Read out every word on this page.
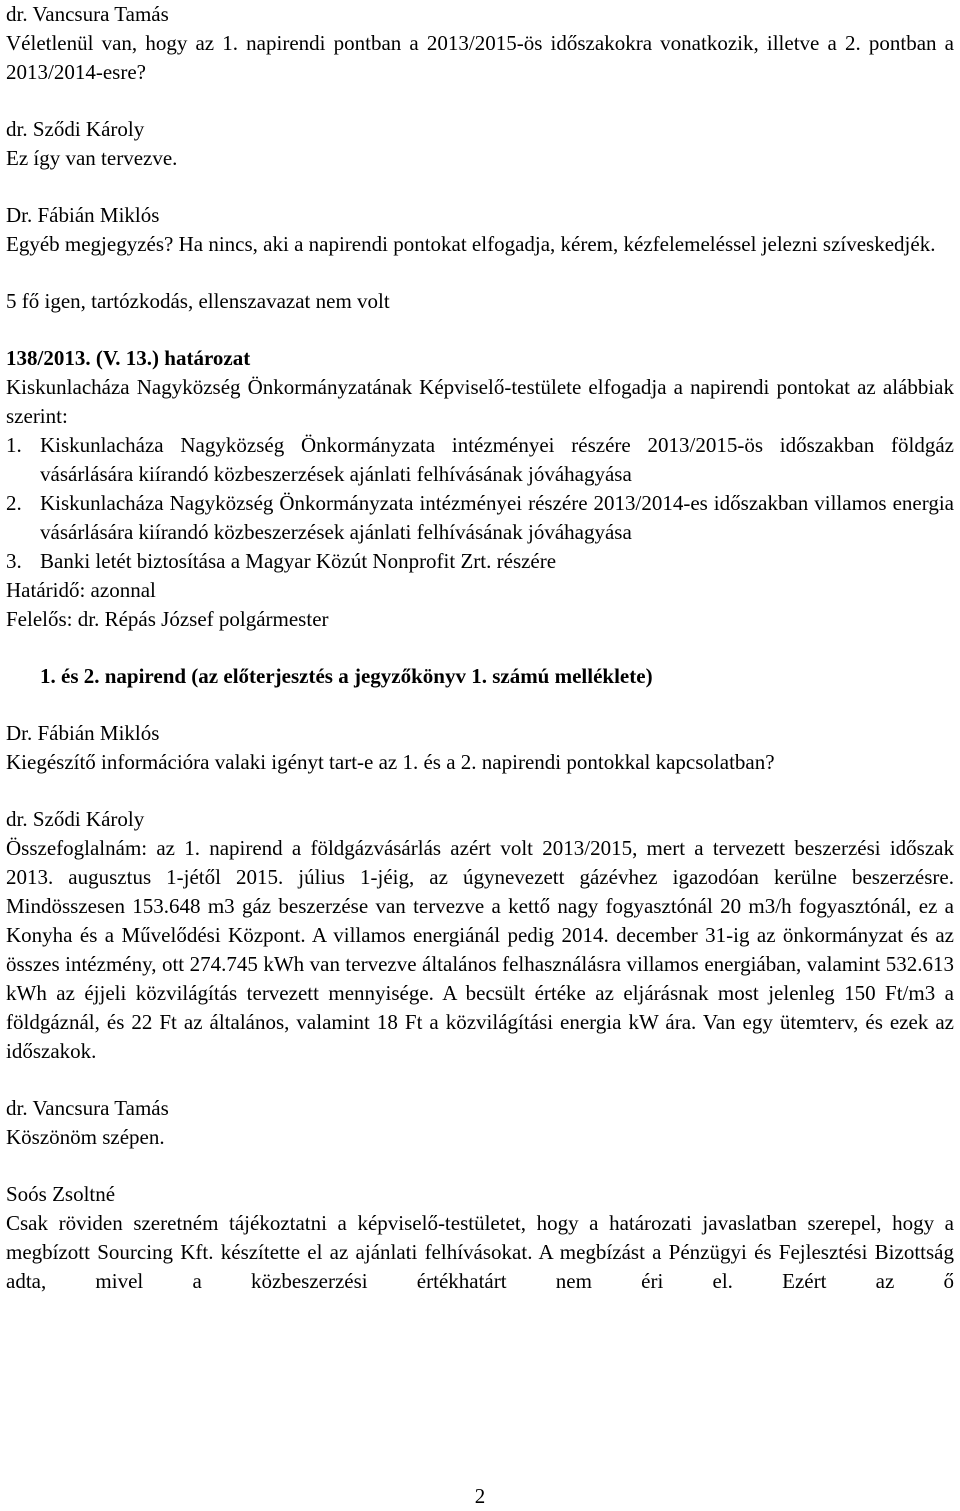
dr. Vancsura Tamás

Véletlenül van, hogy az 1. napirendi pontban a 2013/2015-ös időszakokra vonatkozik, illetve a 2. pontban a 2013/2014-esre?

dr. Sződi Károly

Ez így van tervezve.

Dr. Fábián Miklós

Egyéb megjegyzés? Ha nincs, aki a napirendi pontokat elfogadja, kérem, kézfelemeléssel jelezni szíveskedjék.

5 fő igen, tartózkodás, ellenszavazat nem volt

138/2013. (V. 13.) határozat

Kiskunlacháza Nagyközség Önkormányzatának Képviselő-testülete elfogadja a napirendi pontokat az alábbiak szerint:

1. Kiskunlacháza Nagyközség Önkormányzata intézményei részére 2013/2015-ös időszakban földgáz vásárlására kiírandó közbeszerzések ajánlati felhívásának jóváhagyása
2. Kiskunlacháza Nagyközség Önkormányzata intézményei részére 2013/2014-es időszakban villamos energia vásárlására kiírandó közbeszerzések ajánlati felhívásának jóváhagyása
3. Banki letét biztosítása a Magyar Közút Nonprofit Zrt. részére

Határidő: azonnal

Felelős: dr. Répás József polgármester

1. és 2. napirend (az előterjesztés a jegyzőkönyv 1. számú melléklete)

Dr. Fábián Miklós

Kiegészítő információra valaki igényt tart-e az 1. és a 2. napirendi pontokkal kapcsolatban?

dr. Sződi Károly

Összefoglalnám: az 1. napirend a földgázvásárlás azért volt 2013/2015, mert a tervezett beszerzési időszak 2013. augusztus 1-jétől 2015. július 1-jéig, az úgynevezett gázévhez igazodóan kerülne beszerzésre. Mindösszesen 153.648 m3 gáz beszerzése van tervezve a kettő nagy fogyasztónál 20 m3/h fogyasztónál, ez a Konyha és a Művelődési Központ. A villamos energiánál pedig 2014. december 31-ig az önkormányzat és az összes intézmény, ott 274.745 kWh van tervezve általános felhasználásra villamos energiában, valamint 532.613 kWh az éjjeli közvilágítás tervezett mennyisége. A becsült értéke az eljárásnak most jelenleg 150 Ft/m3 a földgáznál, és 22 Ft az általános, valamint 18 Ft a közvilágítási energia kW ára. Van egy ütemterv, és ezek az időszakok.

dr. Vancsura Tamás

Köszönöm szépen.

Soós Zsoltné

Csak röviden szeretném tájékoztatni a képviselő-testületet, hogy a határozati javaslatban szerepel, hogy a megbízott Sourcing Kft. készítette el az ajánlati felhívásokat. A megbízást a Pénzügyi és Fejlesztési Bizottság adta, mivel a közbeszerzési értékhatárt nem éri el. Ezért az ő

2
